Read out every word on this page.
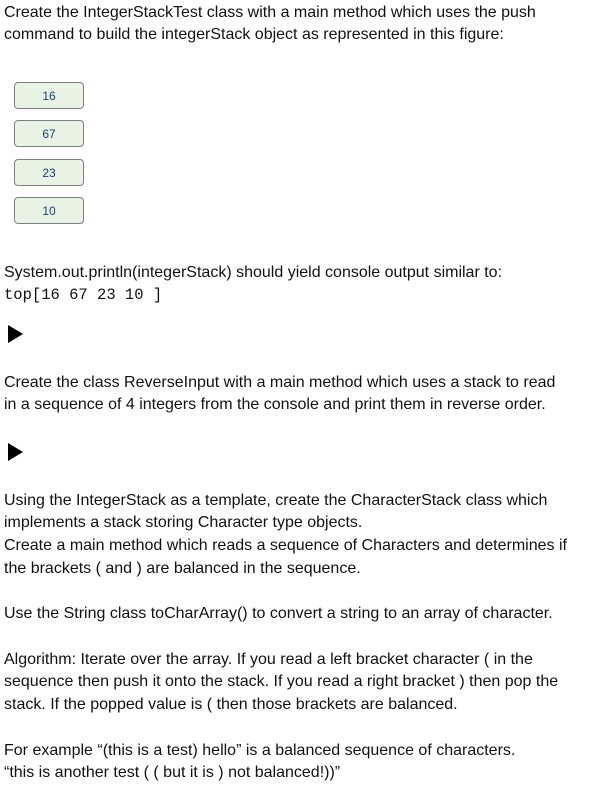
Create the IntegerStackTest class with a main method which uses the push
command to build the integerStack object as represented in this figure:
16
67
23
10
System.out.println(integerStack) should yield console output similar to:
top[16 67 23 10 ]
Create the class ReverseInput with a main method which uses a stack to read
in a sequence of 4 integers from the console and print them in reverse order.
Using the IntegerStack as a template, create the CharacterStack class which
implements a stack storing Character type objects.
Create a main method which reads a sequence of Characters and determines if
the brackets ( and ) are balanced in the sequence.
Use the String class toCharArray() to convert a string to an array of character.
Algorithm: Iterate over the array. If you read a left bracket character ( in the
sequence then push it onto the stack. If you read a right bracket ) then pop the
stack. If the popped value is ( then those brackets are balanced.
For example “(this is a test) hello” is a balanced sequence of characters.
“this is another test ( ( but it is ) not balanced!))”
